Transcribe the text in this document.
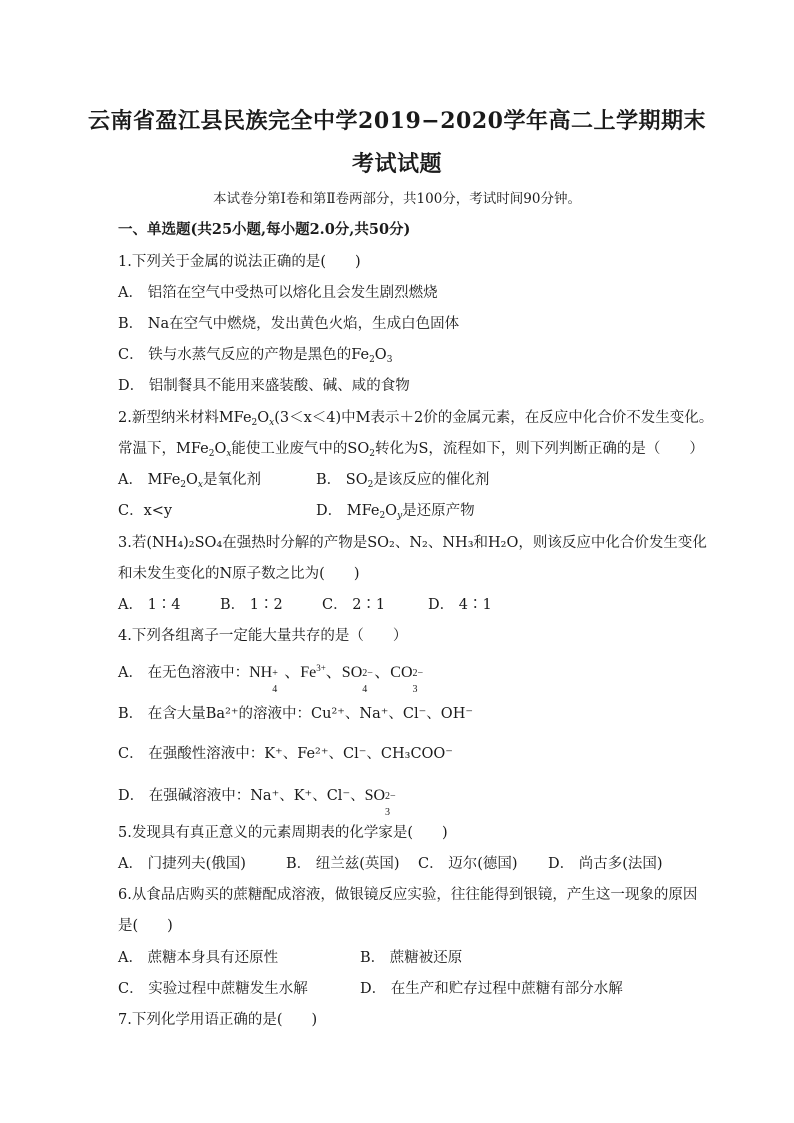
云南省盈江县民族完全中学2019−2020学年高二上学期期末
考试试题
本试卷分第Ⅰ卷和第Ⅱ卷两部分，共100分，考试时间90分钟。
一、单选题(共25小题,每小题2.0分,共50分)
1.下列关于金属的说法正确的是(　　)
A． 铝箔在空气中受热可以熔化且会发生剧烈燃烧
B． Na在空气中燃烧，发出黄色火焰，生成白色固体
C． 铁与水蒸气反应的产物是黑色的$Fe_2O_3$
D． 铝制餐具不能用来盛装酸、碱、咸的食物
2.新型纳米材料$MFe_2O_x(3<x<4)$中M表示＋2价的金属元素，在反应中化合价不发生变化。
常温下，$MFe_2O_x$能使工业废气中的$SO_2$转化为S，流程如下，则下列判断正确的是（　　）
A． $MFe_2O_x$是氧化剂	B． $SO_2$是该反应的催化剂
C．x<y	D． $MFe_2O_y$是还原产物
3.若(NH₄)₂SO₄在强热时分解的产物是SO₂、N₂、NH₃和H₂O，则该反应中化合价发生变化
和未发生变化的N原子数之比为(　　)
A． 1∶4	B． 1∶2	C． 2∶1	D． 4∶1
4.下列各组离子一定能大量共存的是（　　）
A． 在无色溶液中：NH +
4
、$Fe^{3+}$、SO 2−
4
、CO 2−
3
B． 在含大量Ba²⁺的溶液中：Cu²⁺、Na⁺、Cl⁻、OH⁻
C． 在强酸性溶液中：K⁺、Fe²⁺、Cl⁻、CH₃COO⁻
D． 在强碱溶液中：Na⁺、K⁺、Cl⁻、SO 2−
3
5.发现具有真正意义的元素周期表的化学家是(　　)
A． 门捷列夫(俄国)	B． 纽兰兹(英国) C． 迈尔(德国) D． 尚古多(法国)
6.从食品店购买的蔗糖配成溶液，做银镜反应实验，往往能得到银镜，产生这一现象的原因
是(　　)
A． 蔗糖本身具有还原性	B． 蔗糖被还原
C． 实验过程中蔗糖发生水解	D． 在生产和贮存过程中蔗糖有部分水解
7.下列化学用语正确的是(　　)
